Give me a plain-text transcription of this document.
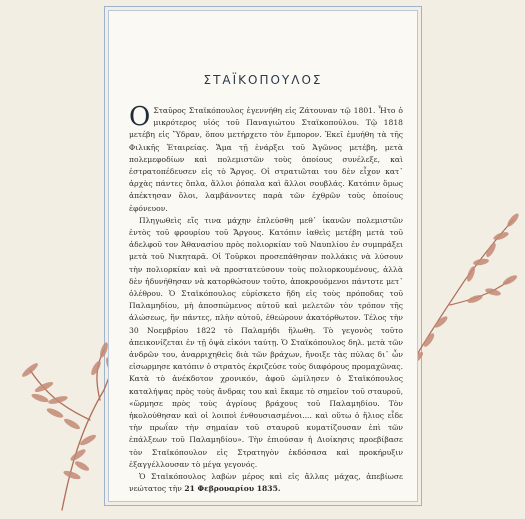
ΣΤΑΪΚΟΠΟΥΛΟΣ

Ο Σταῦρος Σταϊκόπουλος ἐγεννήθη εἰς Ζάτουναν τῷ 1801. Ἦτο ὁ μικρότερος υἱός τοῦ Παναγιώτου Σταϊκοπούλου. Τῷ 1818 μετέβη εἰς Ὕδραν, ὅπου μετήρχετο τὸν ἔμπορον. Ἐκεῖ ἐμυήθη τὰ τῆς Φιλικῆς Ἑταιρείας. Ἅμα τῇ ἐνάρξει τοῦ Ἀγῶνος μετέβη, μετὰ πολεμεφοδίων καὶ πολεμιστῶν τοὺς ὁποίους συνέλεξε, καὶ ἐστρατοπέδευσεν εἰς τὸ Ἄργος. Οἱ στρατιῶται του δὲν εἶχον κατ᾽ ἀρχὰς πάντες ὅπλα, ἄλλοι ῥόπαλα καὶ ἄλλοι σουβλάς. Κατόπιν ὅμως ἀπέκτησαν ὅλοι, λαμβάνοντες παρὰ τῶν ἐχθρῶν τοὺς ὁποίους ἐφόνευον.

Πληγωθεὶς εἴς τινα μάχην ἐπλεύσθη μεθ᾽ ἱκανῶν πολεμιστῶν ἐντὸς τοῦ φρουρίου τοῦ Ἄργους. Κατόπιν ἰαθεὶς μετέβη μετὰ τοῦ ἀδελφοῦ τον Ἀθανασίου πρὸς πολιορκίαν τοῦ Ναυπλίου ἐν συμπράξει μετὰ τοῦ Νικηταρᾶ. Οἱ Τοῦρκοι προσεπάθησαν πολλάκις νὰ λύσουν τὴν πολιορκίαν καὶ νὰ προστατεύσουν τοὺς πολιορκουμένους, ἀλλὰ δὲν ἠδυνήθησαν νὰ κατορθώσουν τοῦτο, ἀποκρουόμενοι πάντοτε μετ᾽ ὀλέθρου. Ὁ Σταϊκόπουλος εὑρίσκετο ἤδη εἰς τοὺς πρόποδας τοῦ Παλαμηδίου, μὴ ἀποσπώμενος αὐτοῦ καὶ μελετῶν τὸν τρόπον τῆς ἁλώσεως, ἣν πάντες, πλὴν αὐτοῦ, ἐθεώρουν ἀκατόρθωτον. Τέλος τὴν 30 Νοεμβρίου 1822 τὸ Παλαμήδι ἥλωθη. Τὸ γεγονὸς τοῦτο ἀπεικονίζεται ἐν τῇ ὀψὰ εἰκόνι ταύτῃ. Ὁ Σταϊκόπουλος δηλ. μετὰ τῶν ἀνδρῶν του, ἀναρριχηθεὶς διὰ τῶν βράχων, ἤνοιξε τὰς πύλας δι᾽ ὧν εἰσωρμησε κατόπιν ὁ στρατὸς ἐκριζεύσε τοὺς διαφόρους προμαχῶνας. Κατὰ τὸ ἀνέκδοτον χρονικόν, ἀφοῦ ὡμίλησεν ὁ Σταϊκόπουλος καταλήψας πρὸς τοὺς ἄνδρας του καὶ ἔκαμε τὸ σημεῖον τοῦ σταυροῦ, «ὥρμησε πρὸς τοὺς ἀγρίους βράχους τοῦ Παλαμηδίου. Τὸν ἠκολούθησαν καὶ οἱ λοιποὶ ἐνθουσιασμένοι.... καὶ οὕτω ὁ ἥλιος εἶδε τὴν πρωΐαν τὴν σημαίαν τοῦ σταυροῦ κυματίζουσαν ἐπὶ τῶν ἐπάλξεων τοῦ Παλαμηδίου». Τὴν ἐπιούσαν ἡ Διοίκησις προεβίβασε τὸν Σταϊκόπουλον εἰς Στρατηγὸν ἐκδόσασα καὶ προκήρυξιν ἐξαγγέλλουσαν τὸ μέγα γεγονός.

Ὁ Σταϊκόπουλος λαβὼν μέρος καὶ εἰς ἄλλας μάχας, ἀπεβίωσε νεώτατος τὴν 21 Φεβρουαρίου 1835.
